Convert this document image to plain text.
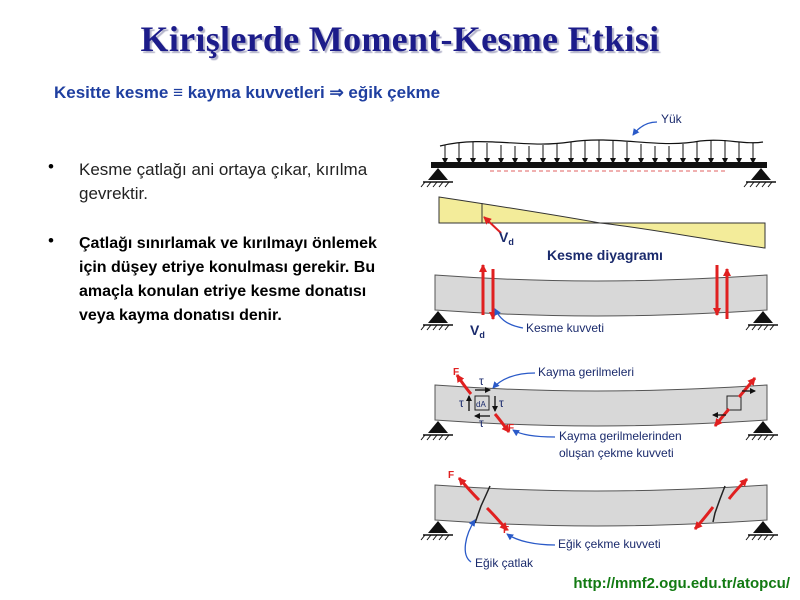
Kirişlerde Moment-Kesme Etkisi
Kesitte kesme ≡ kayma kuvvetleri ⇒ eğik çekme
• Kesme çatlağı ani ortaya çıkar, kırılma gevrektir.
• Çatlağı sınırlamak ve kırılmayı önlemek için düşey etriye konulması gerekir. Bu amaçla konulan etriye kesme donatısı veya kayma donatısı denir.
Yük
$V_d$
Kesme diyagramı
$V_d$	Kesme kuvveti
dA
τ
τ
τ	τ
F
F
Kayma gerilmeleri
Kayma gerilmelerinden
oluşan çekme kuvveti
F
F
Eğik çekme kuvveti
Eğik çatlak
http://mmf2.ogu.edu.tr/atopcu/
